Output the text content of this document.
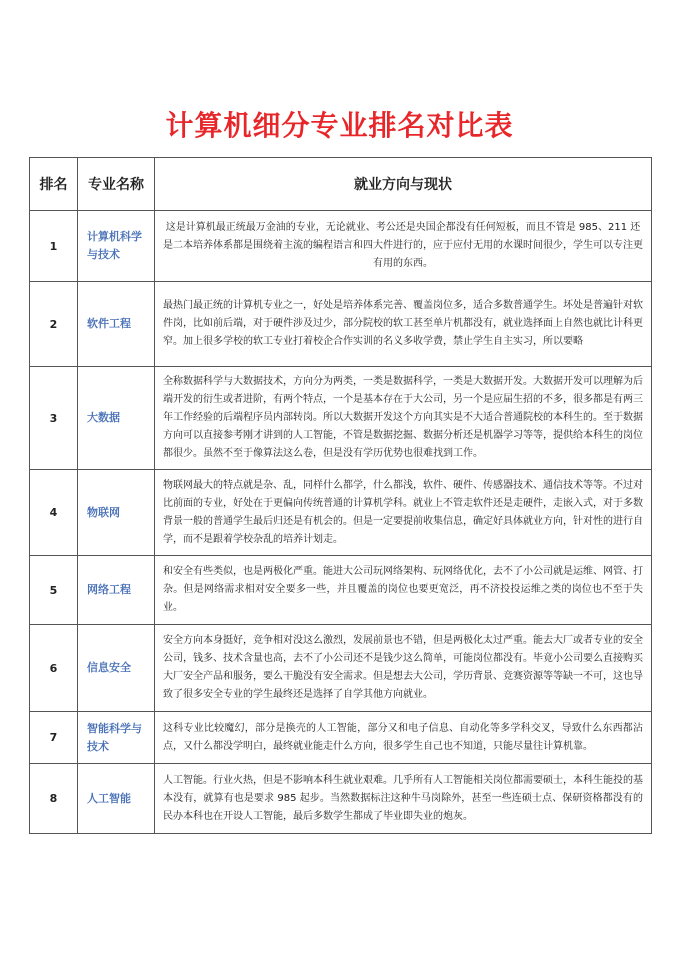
计算机细分专业排名对比表
排名	专业名称	就业方向与现状
1	计算机科学与技术	这是计算机最正统最万金油的专业，无论就业、考公还是央国企都没有任何短板，而且不管是 985、211 还是二本培养体系都是围绕着主流的编程语言和四大件进行的，应于应付无用的水课时间很少，学生可以专注更有用的东西。
2	软件工程	最热门最正统的计算机专业之一，好处是培养体系完善、覆盖岗位多，适合多数普通学生。坏处是普遍针对软件岗，比如前后端，对于硬件涉及过少，部分院校的软工甚至单片机都没有，就业选择面上自然也就比计科更窄。加上很多学校的软工专业打着校企合作实训的名义多收学费，禁止学生自主实习，所以要略
3	大数据	全称数据科学与大数据技术，方向分为两类，一类是数据科学，一类是大数据开发。大数据开发可以理解为后端开发的衍生或者进阶，有两个特点，一个是基本存在于大公司，另一个是应届生招的不多，很多都是有两三年工作经验的后端程序员内部转岗。所以大数据开发这个方向其实是不大适合普通院校的本科生的。至于数据方向可以直接参考刚才讲到的人工智能，不管是数据挖掘、数据分析还是机器学习等等，提供给本科生的岗位都很少。虽然不至于像算法这么卷，但是没有学历优势也很难找到工作。
4	物联网	物联网最大的特点就是杂、乱，同样什么都学，什么都浅，软件、硬件、传感器技术、通信技术等等。不过对比前面的专业，好处在于更偏向传统普通的计算机学科。就业上不管走软件还是走硬件，走嵌入式，对于多数背景一般的普通学生最后归还是有机会的。但是一定要提前收集信息，确定好具体就业方向，针对性的进行自学，而不是跟着学校杂乱的培养计划走。
5	网络工程	和安全有些类似，也是两极化严重。能进大公司玩网络架构、玩网络优化，去不了小公司就是运维、网管、打杂。但是网络需求相对安全要多一些，并且覆盖的岗位也要更宽泛，再不济投投运维之类的岗位也不至于失业。
6	信息安全	安全方向本身挺好，竞争相对没这么激烈，发展前景也不错，但是两极化太过严重。能去大厂或者专业的安全公司，钱多、技术含量也高，去不了小公司还不是钱少这么简单，可能岗位都没有。毕竟小公司要么直接购买大厂安全产品和服务，要么干脆没有安全需求。但是想去大公司，学历背景、竞赛资源等等缺一不可，这也导致了很多安全专业的学生最终还是选择了自学其他方向就业。
7	智能科学与技术	这科专业比较魔幻，部分是换壳的人工智能，部分又和电子信息、自动化等多学科交叉，导致什么东西都沾点，又什么都没学明白，最终就业能走什么方向，很多学生自己也不知道，只能尽量往计算机靠。
8	人工智能	人工智能。行业火热，但是不影响本科生就业艰难。几乎所有人工智能相关岗位都需要硕士，本科生能投的基本没有，就算有也是要求 985 起步。当然数据标注这种牛马岗除外，甚至一些连硕士点、保研资格都没有的民办本科也在开设人工智能，最后多数学生都成了毕业即失业的炮灰。
